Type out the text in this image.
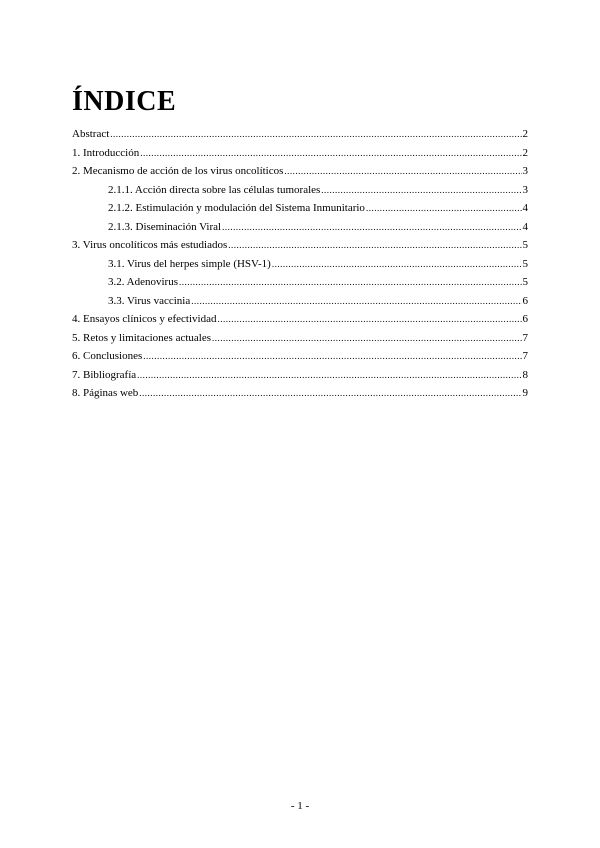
ÍNDICE
Abstract .....	2
1. Introducción .....	2
2. Mecanismo de acción de los virus oncolíticos .....	3
2.1.1. Acción directa sobre las células tumorales .....	3
2.1.2. Estimulación y modulación del Sistema Inmunitario .....	4
2.1.3. Diseminación Viral .....	4
3. Virus oncolíticos más estudiados .....	5
3.1. Virus del herpes simple (HSV-1) .....	5
3.2. Adenovirus .....	5
3.3. Virus vaccinia .....	6
4. Ensayos clínicos y efectividad .....	6
5. Retos y limitaciones actuales .....	7
6. Conclusiones .....	7
7. Bibliografía .....	8
8. Páginas web .....	9
- 1 -
